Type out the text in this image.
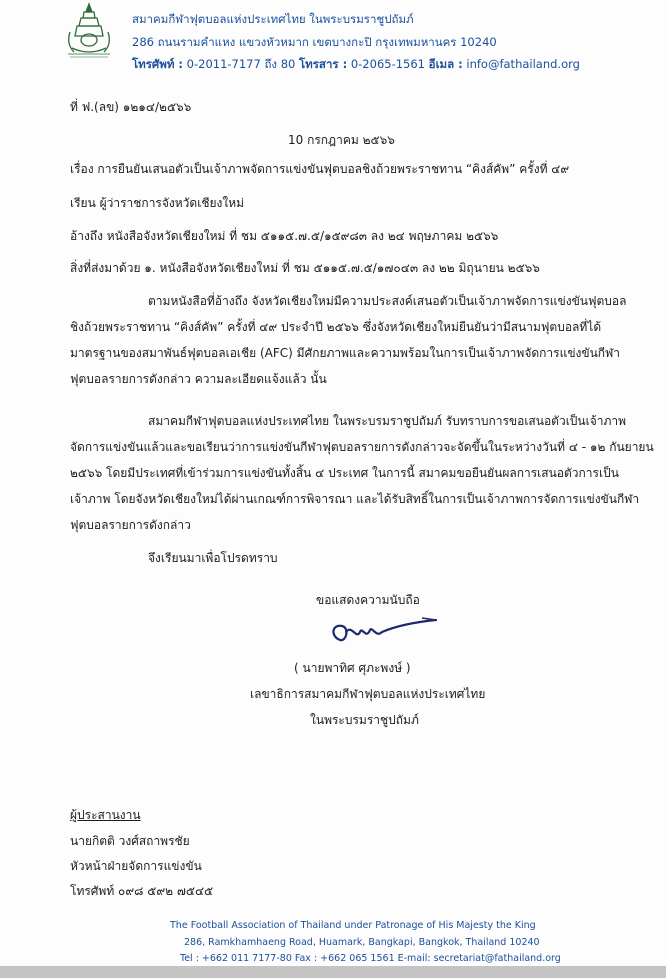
สมาคมกีฬาฟุตบอลแห่งประเทศไทย ในพระบรมราชูปถัมภ์
286 ถนนรามคำแหง แขวงหัวหมาก เขตบางกะปิ กรุงเทพมหานคร 10240
โทรศัพท์ : 0-2011-7177 ถึง 80 โทรสาร : 0-2065-1561 อีเมล : info@fathailand.org
ที่ ฟ.(ลข) ๑๒๑๔/๒๕๖๖
10 กรกฎาคม ๒๕๖๖
เรื่อง การยืนยันเสนอตัวเป็นเจ้าภาพจัดการแข่งขันฟุตบอลชิงถ้วยพระราชทาน “คิงส์คัพ” ครั้งที่ ๔๙
เรียน ผู้ว่าราชการจังหวัดเชียงใหม่
อ้างถึง หนังสือจังหวัดเชียงใหม่ ที่ ชม ๕๑๑๕.๗.๕/๑๕๙๘๓ ลง ๒๔ พฤษภาคม ๒๕๖๖
สิ่งที่ส่งมาด้วย ๑. หนังสือจังหวัดเชียงใหม่ ที่ ชม ๕๑๑๕.๗.๕/๑๗๐๔๓ ลง ๒๒ มิถุนายน ๒๕๖๖
ตามหนังสือที่อ้างถึง จังหวัดเชียงใหม่มีความประสงค์เสนอตัวเป็นเจ้าภาพจัดการแข่งขันฟุตบอล
ชิงถ้วยพระราชทาน “คิงส์คัพ” ครั้งที่ ๔๙ ประจำปี ๒๕๖๖ ซึ่งจังหวัดเชียงใหม่ยืนยันว่ามีสนามฟุตบอลที่ได้
มาตรฐานของสมาพันธ์ฟุตบอลเอเชีย (AFC) มีศักยภาพและความพร้อมในการเป็นเจ้าภาพจัดการแข่งขันกีฬา
ฟุตบอลรายการดังกล่าว ความละเอียดแจ้งแล้ว นั้น
สมาคมกีฬาฟุตบอลแห่งประเทศไทย ในพระบรมราชูปถัมภ์ รับทราบการขอเสนอตัวเป็นเจ้าภาพ
จัดการแข่งขันแล้วและขอเรียนว่าการแข่งขันกีฬาฟุตบอลรายการดังกล่าวจะจัดขึ้นในระหว่างวันที่ ๔ - ๑๒ กันยายน
๒๕๖๖ โดยมีประเทศที่เข้าร่วมการแข่งขันทั้งสิ้น ๔ ประเทศ ในการนี้ สมาคมขอยืนยันผลการเสนอตัวการเป็น
เจ้าภาพ โดยจังหวัดเชียงใหม่ได้ผ่านเกณฑ์การพิจารณา และได้รับสิทธิ์ในการเป็นเจ้าภาพการจัดการแข่งขันกีฬา
ฟุตบอลรายการดังกล่าว
จึงเรียนมาเพื่อโปรดทราบ
ขอแสดงความนับถือ
( นายพาทิศ ศุภะพงษ์ )
เลขาธิการสมาคมกีฬาฟุตบอลแห่งประเทศไทย
ในพระบรมราชูปถัมภ์
ผู้ประสานงาน
นายกิตติ วงศ์สถาพรชัย
หัวหน้าฝ่ายจัดการแข่งขัน
โทรศัพท์ ๐๙๘ ๕๙๒ ๗๕๔๕
The Football Association of Thailand under Patronage of His Majesty the King
286, Ramkhamhaeng Road, Huamark, Bangkapi, Bangkok, Thailand 10240
Tel : +662 011 7177-80 Fax : +662 065 1561 E-mail: secretariat@fathailand.org
